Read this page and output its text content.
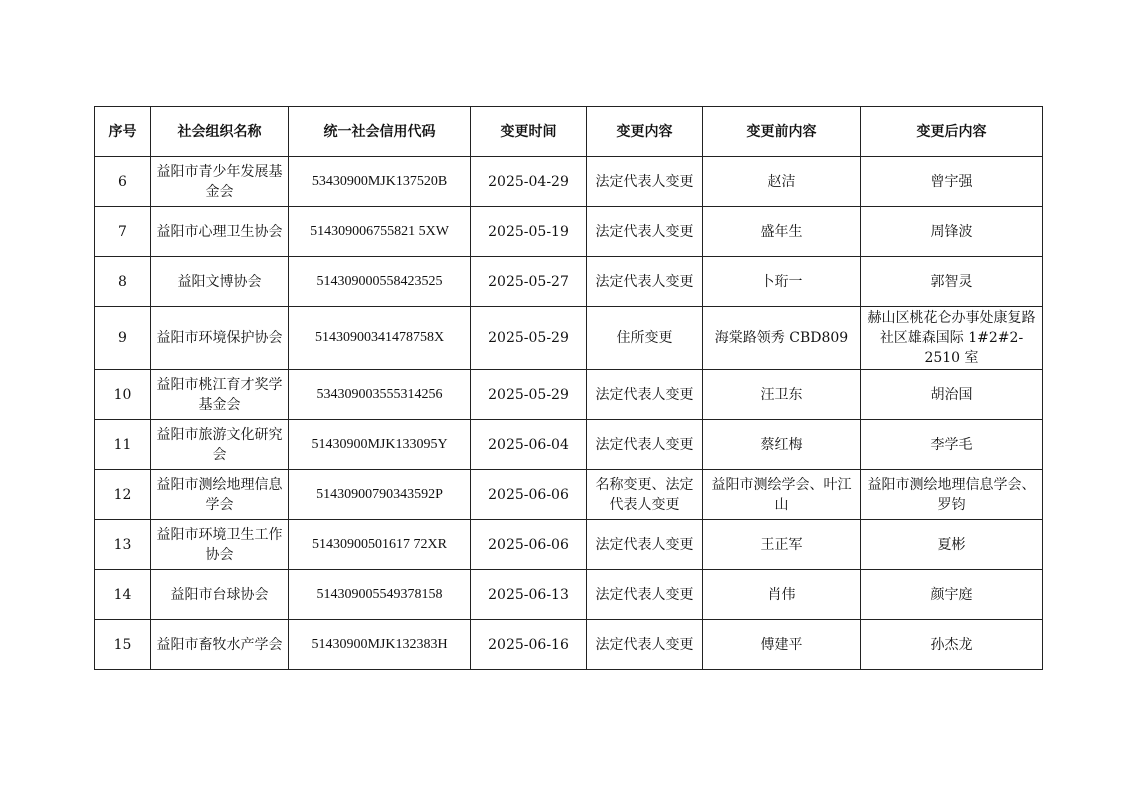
序号	社会组织名称	统一社会信用代码	变更时间	变更内容	变更前内容	变更后内容
6	益阳市青少年发展基金会	53430900MJK137520B	2025-04-29	法定代表人变更	赵洁	曾宇强
7	益阳市心理卫生协会	514309006755821 5XW	2025-05-19	法定代表人变更	盛年生	周锋波
8	益阳文博协会	514309000558423525	2025-05-27	法定代表人变更	卜珩一	郭智灵
9	益阳市环境保护协会	51430900341478758X	2025-05-29	住所变更	海棠路领秀 CBD809	赫山区桃花仑办事处康复路社区雄森国际 1#2#2-2510 室
10	益阳市桃江育才奖学基金会	534309003555314256	2025-05-29	法定代表人变更	汪卫东	胡治国
11	益阳市旅游文化研究会	51430900MJK133095Y	2025-06-04	法定代表人变更	蔡红梅	李学毛
12	益阳市测绘地理信息学会	51430900790343592P	2025-06-06	名称变更、法定代表人变更	益阳市测绘学会、叶江山	益阳市测绘地理信息学会、罗钧
13	益阳市环境卫生工作协会	51430900501617 72XR	2025-06-06	法定代表人变更	王正军	夏彬
14	益阳市台球协会	514309005549378158	2025-06-13	法定代表人变更	肖伟	颜宇庭
15	益阳市畜牧水产学会	51430900MJK132383H	2025-06-16	法定代表人变更	傅建平	孙杰龙
